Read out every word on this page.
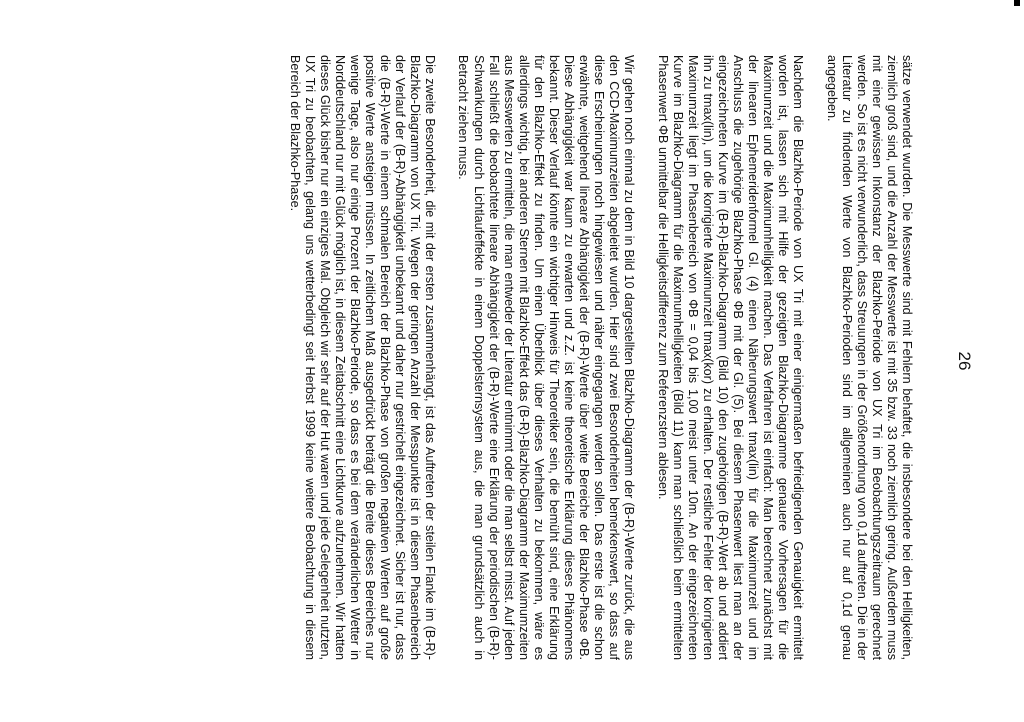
26

sätze verwendet wurden. Die Messwerte sind mit Fehlern behaftet, die insbesondere bei den Helligkeiten, ziemlich groß sind, und die Anzahl der Messwerte ist mit 35 bzw. 33 noch ziemlich gering. Außerdem muss mit einer gewissen Inkonstanz der Blazhko-Periode von UX Tri im Beobachtungszeitraum gerechnet werden. So ist es nicht verwunderlich, dass Streuungen in der Größenordnung von 0,1d auftreten. Die in der Literatur zu findenden Werte von Blazhko-Perioden sind im allgemeinen auch nur auf 0,1d genau angegeben.

Nachdem die Blazhko-Periode von UX Tri mit einer einigermaßen befriedigenden Genauigkeit ermittelt worden ist, lassen sich mit Hilfe der gezeigten Blazhko-Diagramme genauere Vorhersagen für die Maximumzeit und die Maximumhelligkeit machen. Das Verfahren ist einfach: Man berechnet zunächst mit der linearen Ephemeridenformel Gl. (4) einen Näherungswert tmax(lin) für die Maximumzeit und im Anschluss die zugehörige Blazhko-Phase ΦB mit der Gl. (5). Bei diesem Phasenwert liest man an der eingezeichneten Kurve im (B-R)-Blazhko-Diagramm (Bild 10) den zugehörigen (B-R)-Wert ab und addiert ihn zu tmax(lin), um die korrigierte Maximumzeit tmax(kor) zu erhalten. Der restliche Fehler der korrigierten Maximumzeit liegt im Phasenbereich von ΦB = 0,04 bis 1,00 meist unter 10m. An der eingezeichneten Kurve im Blazhko-Diagramm für die Maximumhelligkeiten (Bild 11) kann man schließlich beim ermittelten Phasenwert ΦB unmittelbar die Helligkeitsdifferenz zum Referenzstern ablesen.

Wir gehen noch einmal zu dem in Bild 10 dargestellten Blazhko-Diagramm der (B-R)-Werte zurück, die aus den CCD-Maximumzeiten abgeleitet wurden. Hier sind zwei Besonderheiten bemerkenswert, so dass auf diese Erscheinungen noch hingewiesen und näher eingegangen werden sollen. Das erste ist die schon erwähnte, weitgehend lineare Abhängigkeit der (B-R)-Werte über weite Bereiche der Blazhko-Phase ΦB. Diese Abhängigkeit war kaum zu erwarten und z.Z. ist keine theoretische Erklärung dieses Phänomens bekannt. Dieser Verlauf könnte ein wichtiger Hinweis für Theoretiker sein, die bemüht sind, eine Erklärung für den Blazhko-Effekt zu finden. Um einen Überblick über dieses Verhalten zu bekommen, wäre es allerdings wichtig, bei anderen Sternen mit Blazhko-Effekt das (B-R)-Blazhko-Diagramm der Maximumzeiten aus Messwerten zu ermitteln, die man entweder der Literatur entnimmt oder die man selbst misst. Auf jeden Fall schließt die beobachtete lineare Abhängigkeit der (B-R)-Werte eine Erklärung der periodischen (B-R)-Schwankungen durch Lichtlaufeffekte in einem Doppelsternsystem aus, die man grundsätzlich auch in Betracht ziehen muss.

Die zweite Besonderheit, die mit der ersten zusammenhängt, ist das Auftreten der steilen Flanke im (B-R)-Blazhko-Diagramm von UX Tri. Wegen der geringen Anzahl der Messpunkte ist in diesem Phasenbereich der Verlauf der (B-R)-Abhängigkeit unbekannt und daher nur gestrichelt eingezeichnet. Sicher ist nur, dass die (B-R)-Werte in einem schmalen Bereich der Blazhko-Phase von großen negativen Werten auf große positive Werte ansteigen müssen. In zeitlichem Maß ausgedrückt beträgt die Breite dieses Bereiches nur wenige Tage, also nur einige Prozent der Blazhko-Periode, so dass es bei dem veränderlichen Wetter in Norddeutschland nur mit Glück möglich ist, in diesem Zeitabschnitt eine Lichtkurve aufzunehmen. Wir hatten dieses Glück bisher nur ein einziges Mal. Obgleich wir sehr auf der Hut waren und jede Gelegenheit nutzten, UX Tri zu beobachten, gelang uns wetterbedingt seit Herbst 1999 keine weitere Beobachtung in diesem Bereich der Blazhko-Phase.
